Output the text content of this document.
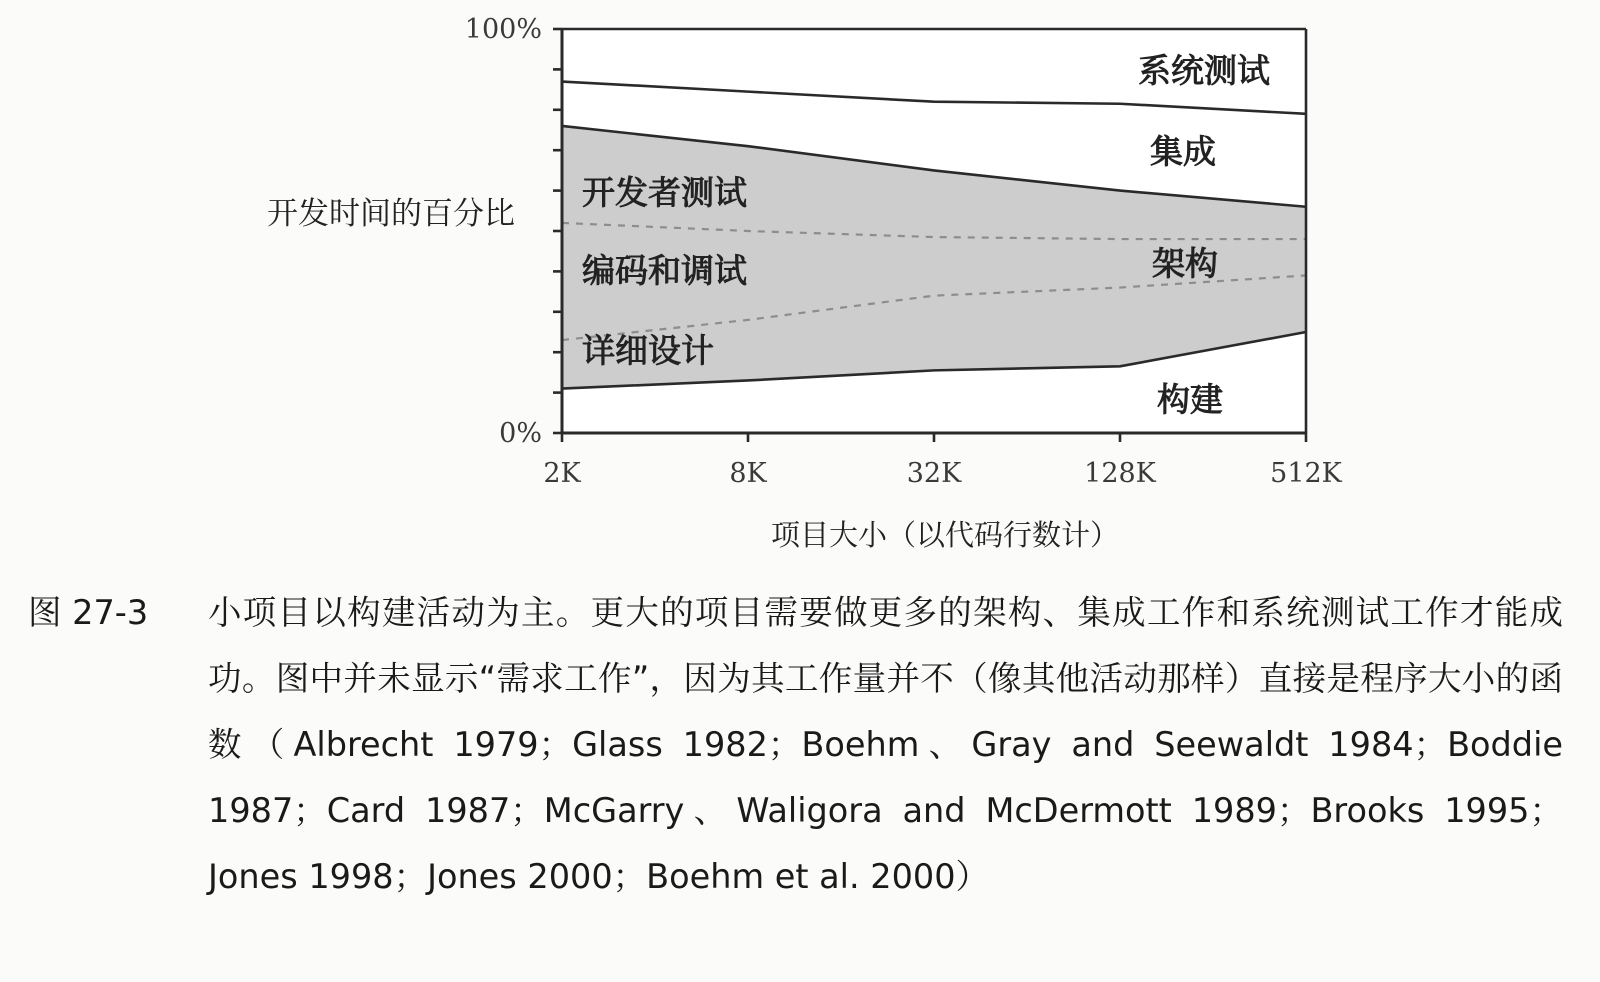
2K	8K	32K	128K	512K
0%
100%
开发时间的百分比
项目大小（以代码行数计）
系统测试
集成
开发者测试
编码和调试	架构
详细设计
构建
图 27-3	小项目以构建活动为主。更大的项目需要做更多的架构、集成工作和系统测试工作才能成功。图中并未显示“需求工作”，因为其工作量并不（像其他活动那样）直接是程序大小的函数（Albrecht 1979；Glass 1982；Boehm、Gray and Seewaldt 1984；Boddie 1987；Card 1987；McGarry、Waligora and McDermott 1989；Brooks 1995；Jones 1998；Jones 2000；Boehm et al. 2000）
